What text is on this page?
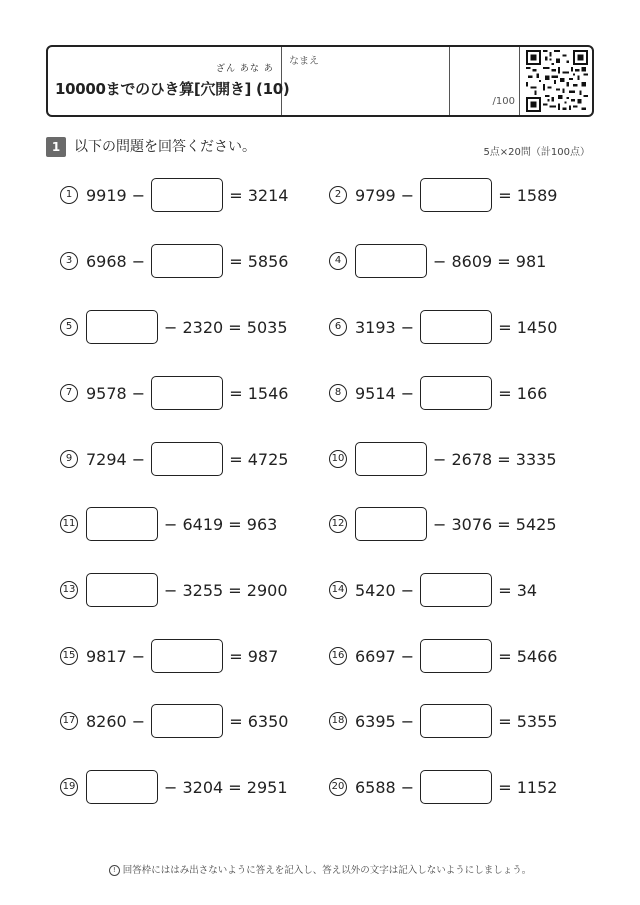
ざん あな あ
10000までのひき算[穴開き] (10)
なまえ
/100
1 以下の問題を回答ください。	5点×20問（計100点）
1 9919 −	= 3214	2 9799 −	= 1589
3 6968 −	= 5856	4	− 8609 = 981
5	− 2320 = 5035	6 3193 −	= 1450
7 9578 −	= 1546	8 9514 −	= 166
9 7294 −	= 4725	10	− 2678 = 3335
11	− 6419 = 963	12	− 3076 = 5425
13	− 3255 = 2900	14 5420 −	= 34
15 9817 −	= 987	16 6697 −	= 5466
17 8260 −	= 6350	18 6395 −	= 5355
19	− 3204 = 2951	20 6588 −	= 1152
! 回答枠にははみ出さないように答えを記入し、答え以外の文字は記入しないようにしましょう。
